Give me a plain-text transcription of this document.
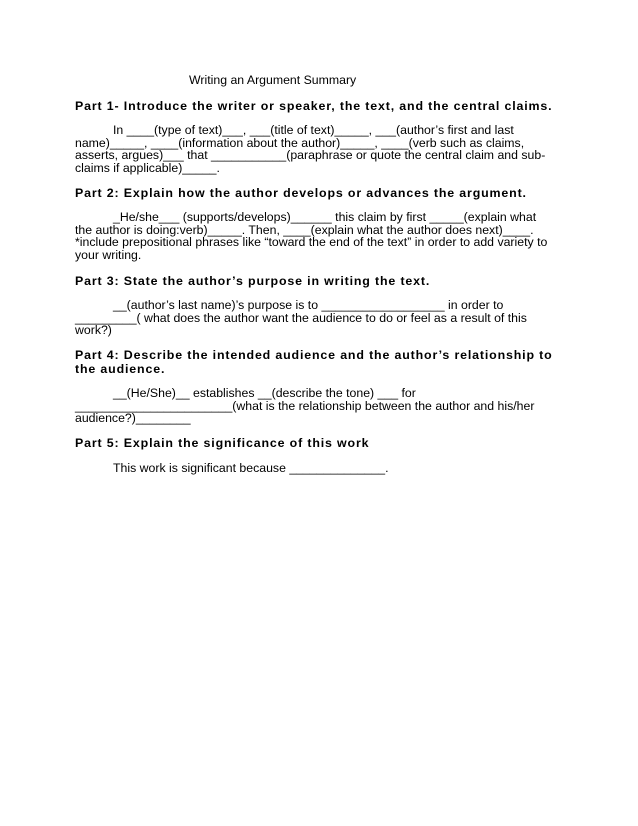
Writing an Argument Summary
Part 1- Introduce the writer or speaker, the text, and the central claims.

In ____(type of text)___, ___(title of text)_____, ___(author’s first and last

name)_____, ____(information about the author)_____, ____(verb such as claims,

asserts, argues)___ that ___________(paraphrase or quote the central claim and sub-

claims if applicable)_____.

Part 2: Explain how the author develops or advances the argument.

_He/she___ (supports/develops)______ this claim by first _____(explain what

the author is doing:verb)_____. Then, ____(explain what the author does next)____.

*include prepositional phrases like “toward the end of the text” in order to add variety to

your writing.

Part 3: State the author’s purpose in writing the text.

__(author’s last name)’s purpose is to __________________ in order to

_________( what does the author want the audience to do or feel as a result of this

work?)

Part 4: Describe the intended audience and the author’s relationship to
the audience.

__(He/She)__ establishes __(describe the tone) ___ for

_______________________(what is the relationship between the author and his/her

audience?)________

Part 5: Explain the significance of this work

This work is significant because ______________.
